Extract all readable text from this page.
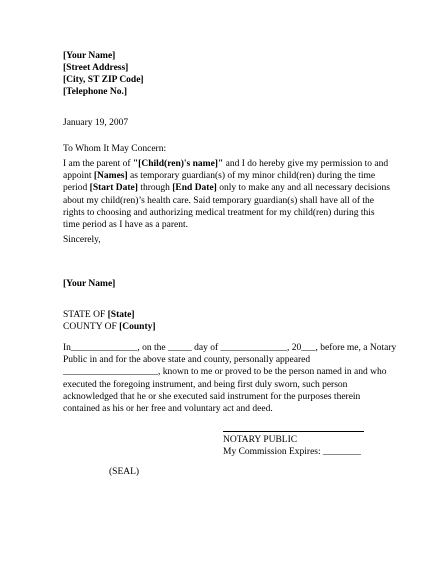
[Your Name]
[Street Address]
[City, ST ZIP Code]
[Telephone No.]
January 19, 2007
To Whom It May Concern:
I am the parent of "[Child(ren)'s name]" and I do hereby give my permission to and appoint [Names] as temporary guardian(s) of my minor child(ren) during the time period [Start Date] through [End Date] only to make any and all necessary decisions about my child(ren)’s health care. Said temporary guardian(s) shall have all of the rights to choosing and authorizing medical treatment for my child(ren) during this time period as I have as a parent.
Sincerely,
[Your Name]
STATE OF [State]
COUNTY OF [County]
In______________, on the _____ day of ______________, 20___, before me, a Notary Public in and for the above state and county, personally appeared ____________________, known to me or proved to be the person named in and who executed the foregoing instrument, and being first duly sworn, such person acknowledged that he or she executed said instrument for the purposes therein contained as his or her free and voluntary act and deed.
NOTARY PUBLIC
My Commission Expires: ________
(SEAL)
